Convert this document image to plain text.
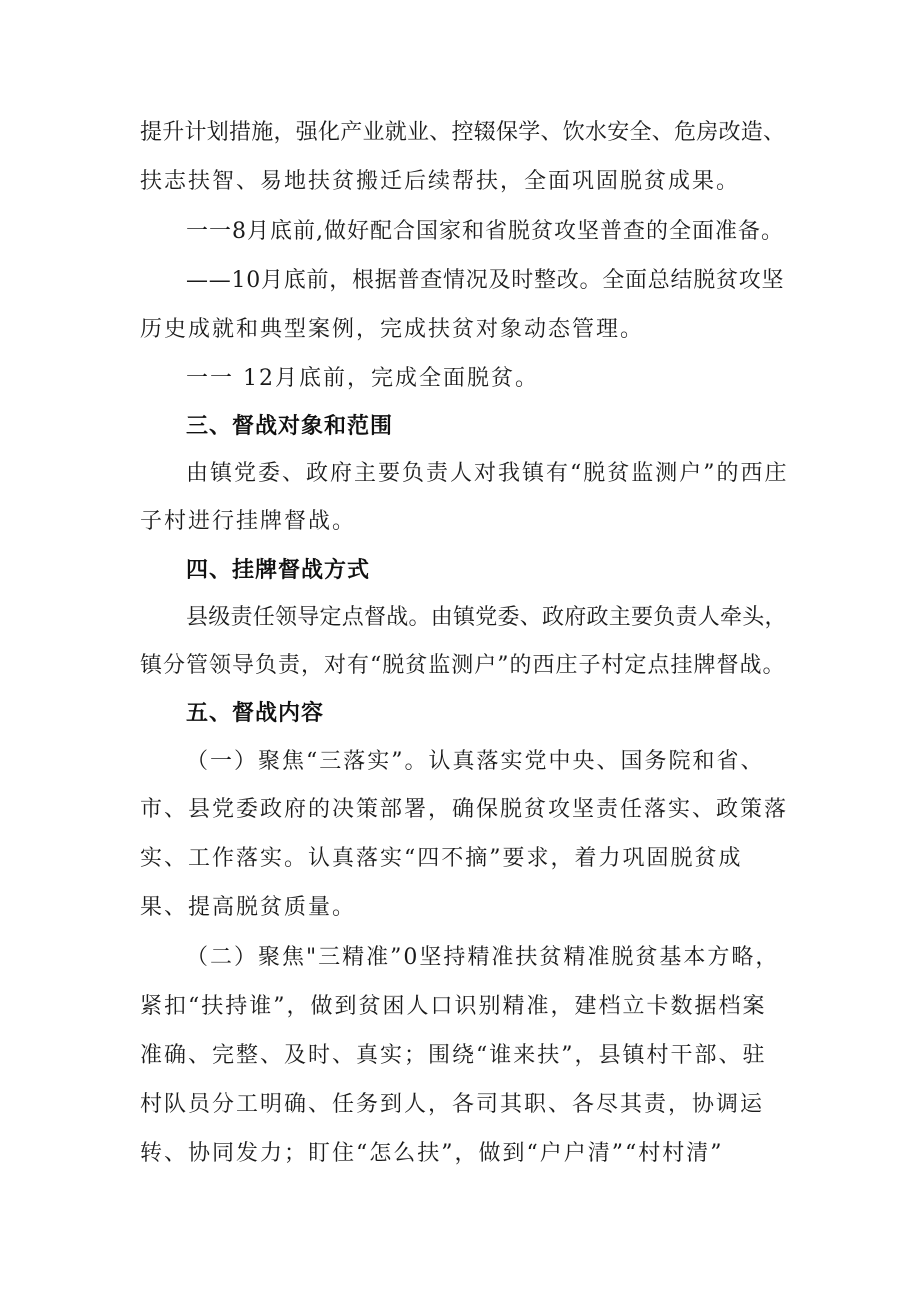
提升计划措施，强化产业就业、控辍保学、饮水安全、危房改造、
扶志扶智、易地扶贫搬迁后续帮扶，全面巩固脱贫成果。
一一8月底前,做好配合国家和省脱贫攻坚普查的全面准备。
——10月底前，根据普查情况及时整改。全面总结脱贫攻坚
历史成就和典型案例，完成扶贫对象动态管理。
一一 12月底前，完成全面脱贫。
三、督战对象和范围
由镇党委、政府主要负责人对我镇有“脱贫监测户”的西庄
子村进行挂牌督战。
四、挂牌督战方式
县级责任领导定点督战。由镇党委、政府政主要负责人牵头，
镇分管领导负责，对有“脱贫监测户”的西庄子村定点挂牌督战。
五、督战内容
（一）聚焦“三落实”。认真落实党中央、国务院和省、
市、县党委政府的决策部署，确保脱贫攻坚责任落实、政策落
实、工作落实。认真落实“四不摘”要求，着力巩固脱贫成
果、提高脱贫质量。
（二）聚焦"三精准”0坚持精准扶贫精准脱贫基本方略，
紧扣“扶持谁”，做到贫困人口识别精准，建档立卡数据档案
准确、完整、及时、真实；围绕“谁来扶”，县镇村干部、驻
村队员分工明确、任务到人，各司其职、各尽其责，协调运
转、协同发力；盯住“怎么扶”，做到“户户清”“村村清”
